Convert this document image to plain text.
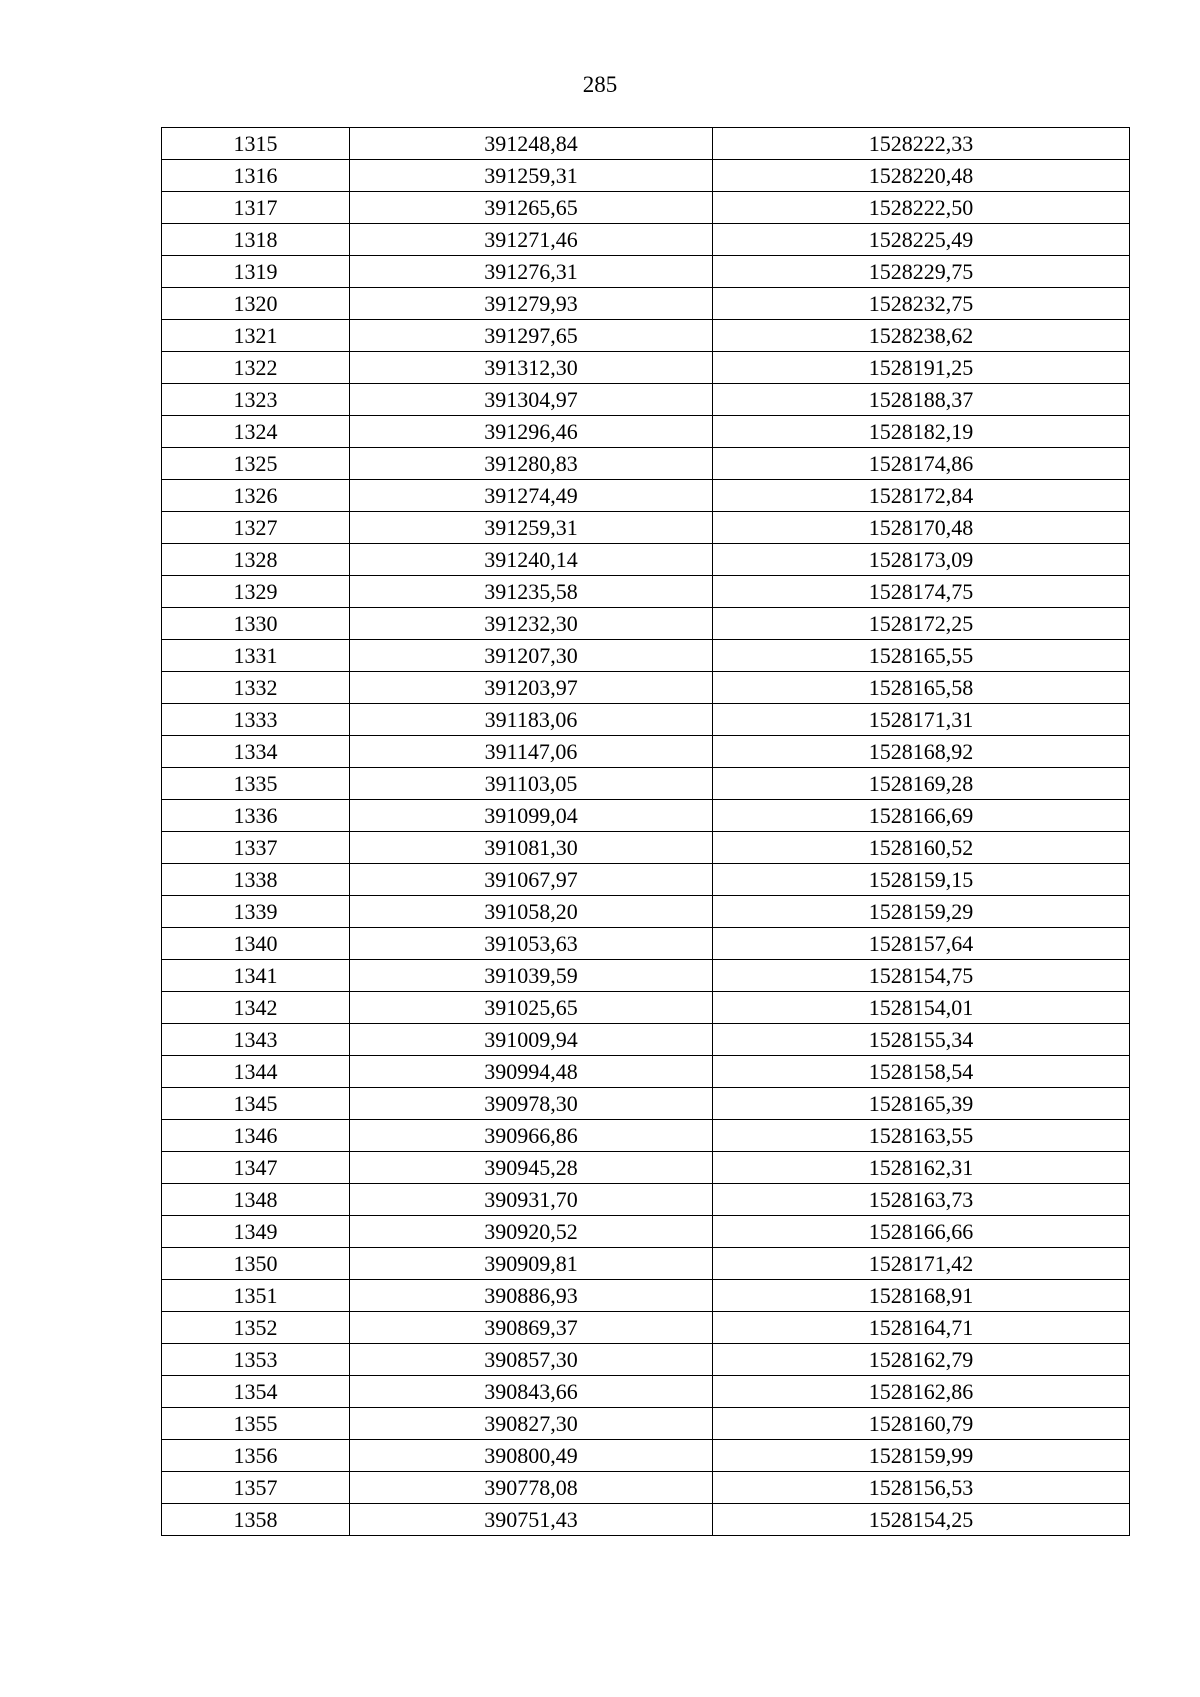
285
1315	391248,84	1528222,33
1316	391259,31	1528220,48
1317	391265,65	1528222,50
1318	391271,46	1528225,49
1319	391276,31	1528229,75
1320	391279,93	1528232,75
1321	391297,65	1528238,62
1322	391312,30	1528191,25
1323	391304,97	1528188,37
1324	391296,46	1528182,19
1325	391280,83	1528174,86
1326	391274,49	1528172,84
1327	391259,31	1528170,48
1328	391240,14	1528173,09
1329	391235,58	1528174,75
1330	391232,30	1528172,25
1331	391207,30	1528165,55
1332	391203,97	1528165,58
1333	391183,06	1528171,31
1334	391147,06	1528168,92
1335	391103,05	1528169,28
1336	391099,04	1528166,69
1337	391081,30	1528160,52
1338	391067,97	1528159,15
1339	391058,20	1528159,29
1340	391053,63	1528157,64
1341	391039,59	1528154,75
1342	391025,65	1528154,01
1343	391009,94	1528155,34
1344	390994,48	1528158,54
1345	390978,30	1528165,39
1346	390966,86	1528163,55
1347	390945,28	1528162,31
1348	390931,70	1528163,73
1349	390920,52	1528166,66
1350	390909,81	1528171,42
1351	390886,93	1528168,91
1352	390869,37	1528164,71
1353	390857,30	1528162,79
1354	390843,66	1528162,86
1355	390827,30	1528160,79
1356	390800,49	1528159,99
1357	390778,08	1528156,53
1358	390751,43	1528154,25
